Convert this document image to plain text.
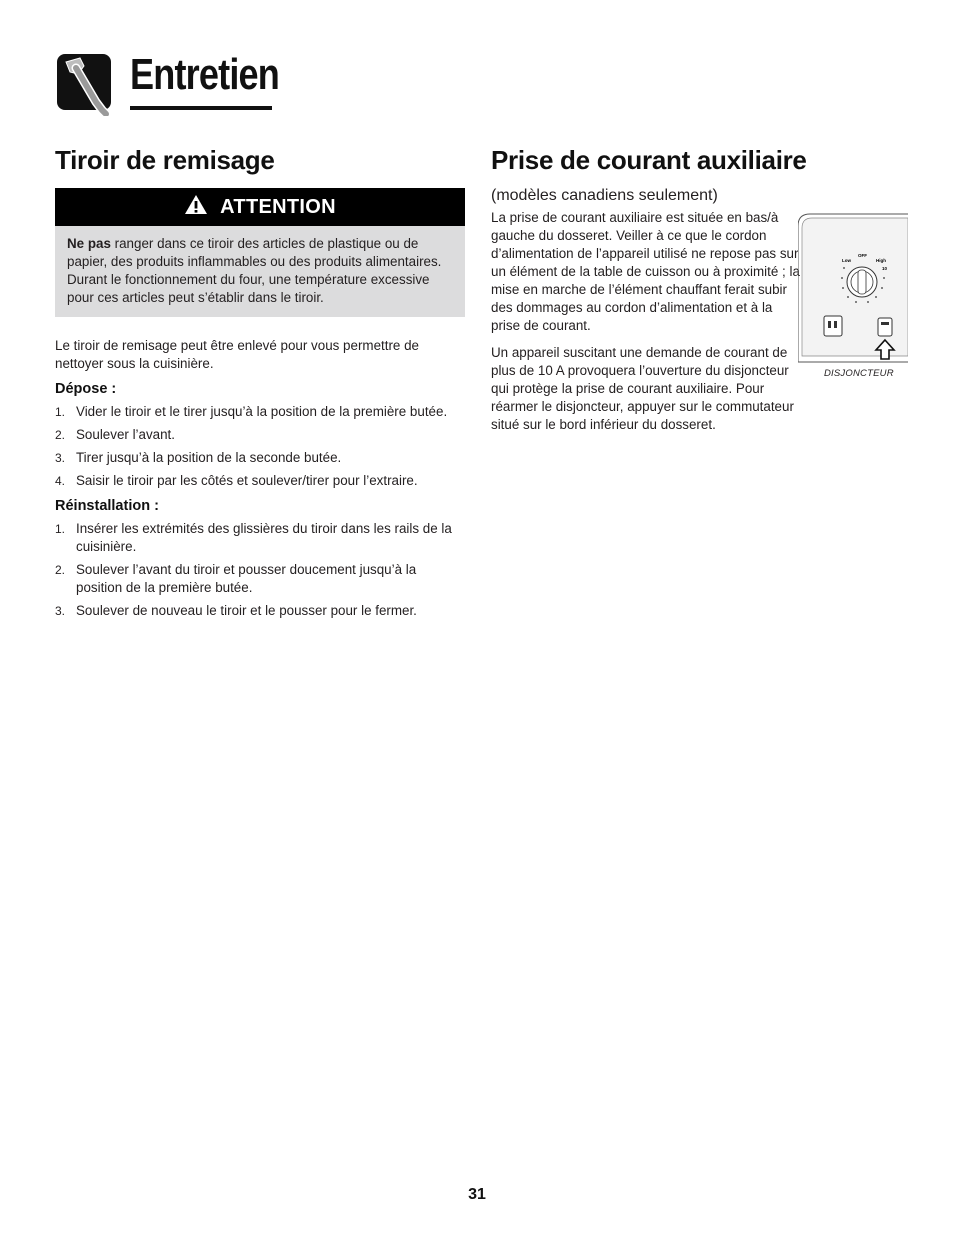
Entretien
Tiroir de remisage
ATTENTION
Ne pas ranger dans ce tiroir des articles de plastique ou de papier, des produits inflammables ou des produits alimentaires. Durant le fonctionnement du four, une température excessive pour ces articles peut s’établir dans le tiroir.

Le tiroir de remisage peut être enlevé pour vous permettre de nettoyer sous la cuisinière.

Dépose :
1. Vider le tiroir et le tirer jusqu’à la position de la première butée.
2. Soulever l’avant.
3. Tirer jusqu’à la position de la seconde butée.
4. Saisir le tiroir par les côtés et soulever/tirer pour l’extraire.
Réinstallation :
1. Insérer les extrémités des glissières du tiroir dans les rails de la cuisinière.
2. Soulever l’avant du tiroir et pousser doucement jusqu’à la position de la première butée.
3. Soulever de nouveau le tiroir et le pousser pour le fermer.
Prise de courant auxiliaire
(modèles canadiens seulement)

La prise de courant auxiliaire est située en bas/à gauche du dosseret. Veiller à ce que le cordon d’alimentation de l’appareil utilisé ne repose pas sur un élément de la table de cuisson ou à proximité ; la mise en marche de l’élément chauffant ferait subir des dommages au cordon d’alimentation et à la prise de courant.

Un appareil suscitant une demande de courant de plus de 10 A provoquera l’ouverture du disjoncteur qui protège la prise de courant auxiliaire. Pour réarmer le disjoncteur, appuyer sur le commutateur situé sur le bord inférieur du dosseret.

Low
OFF
High
10
DISJONCTEUR
31
